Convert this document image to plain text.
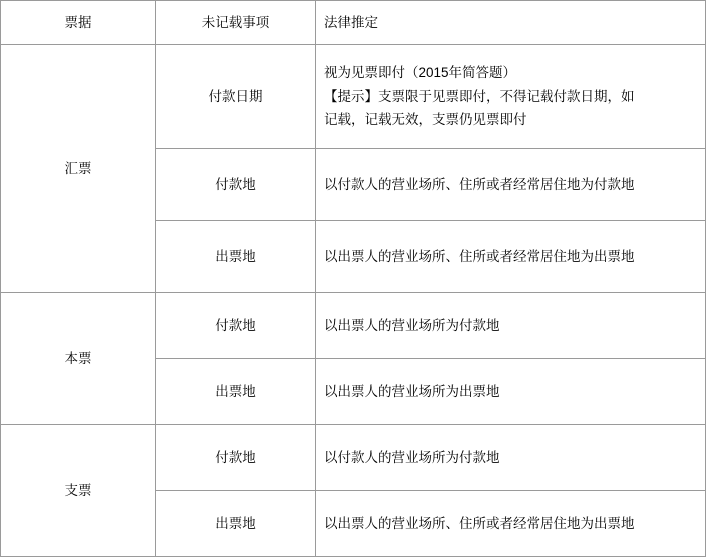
票据	未记载事项	法律推定
汇票	付款日期	视为见票即付（2015年简答题）
【提示】支票限于见票即付，不得记载付款日期，如
记载，记载无效，支票仍见票即付

	付款地	以付款人的营业场所、住所或者经常居住地为付款地
	出票地	以出票人的营业场所、住所或者经常居住地为出票地
本票	付款地	以出票人的营业场所为付款地
	出票地	以出票人的营业场所为出票地
支票	付款地	以付款人的营业场所为付款地
	出票地	以出票人的营业场所、住所或者经常居住地为出票地
